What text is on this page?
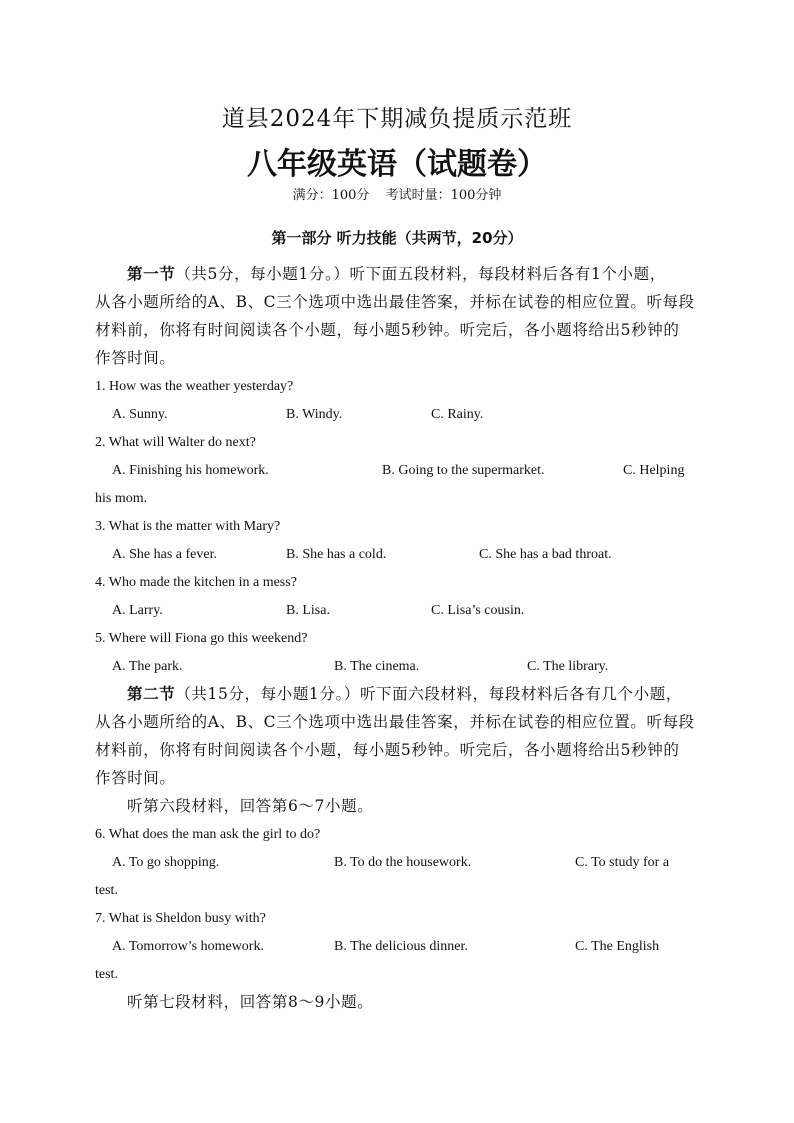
道县2024年下期减负提质示范班
八年级英语（试题卷）
满分：100分 考试时量：100分钟
第一部分 听力技能（共两节，20分）
第一节（共5分，每小题1分。）听下面五段材料，每段材料后各有1个小题，
从各小题所给的A、B、C三个选项中选出最佳答案，并标在试卷的相应位置。听每段
材料前，你将有时间阅读各个小题，每小题5秒钟。听完后，各小题将给出5秒钟的
作答时间。
1. How was the weather yesterday?
A. Sunny.	B. Windy.	C. Rainy.
2. What will Walter do next?
A. Finishing his homework.	B. Going to the supermarket.	C. Helping
his mom.
3. What is the matter with Mary?
A. She has a fever.	B. She has a cold.	C. She has a bad throat.
4. Who made the kitchen in a mess?
A. Larry.	B. Lisa.	C. Lisa’s cousin.
5. Where will Fiona go this weekend?
A. The park.	B. The cinema.	C. The library.
第二节（共15分，每小题1分。）听下面六段材料，每段材料后各有几个小题，
从各小题所给的A、B、C三个选项中选出最佳答案，并标在试卷的相应位置。听每段
材料前，你将有时间阅读各个小题，每小题5秒钟。听完后，各小题将给出5秒钟的
作答时间。
听第六段材料，回答第6～7小题。
6. What does the man ask the girl to do?
A. To go shopping.	B. To do the housework.	C. To study for a
test.
7. What is Sheldon busy with?
A. Tomorrow’s homework.	B. The delicious dinner.	C. The English
test.
听第七段材料，回答第8～9小题。
